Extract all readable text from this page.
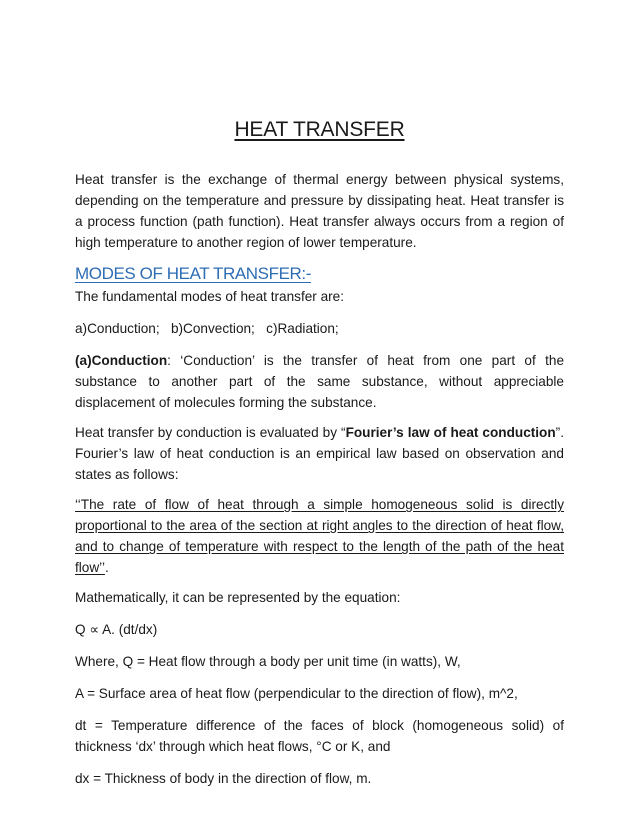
HEAT TRANSFER

Heat transfer is the exchange of thermal energy between physical systems, depending on the temperature and pressure by dissipating heat. Heat transfer is a process function (path function). Heat transfer always occurs from a region of high temperature to another region of lower temperature.

MODES OF HEAT TRANSFER:-

The fundamental modes of heat transfer are:

a)Conduction;   b)Convection;   c)Radiation;

(a)Conduction: ‘Conduction’ is the transfer of heat from one part of the substance to another part of the same substance, without appreciable displacement of molecules forming the substance.

Heat transfer by conduction is evaluated by “Fourier’s law of heat conduction”. Fourier’s law of heat conduction is an empirical law based on observation and states as follows:

‘‘The rate of flow of heat through a simple homogeneous solid is directly proportional to the area of the section at right angles to the direction of heat flow, and to change of temperature with respect to the length of the path of the heat flow’’.

Mathematically, it can be represented by the equation:

Q ∝ A. (dt/dx)

Where, Q = Heat flow through a body per unit time (in watts), W,

A = Surface area of heat flow (perpendicular to the direction of flow), m^2,

dt = Temperature difference of the faces of block (homogeneous solid) of thickness ‘dx’ through which heat flows, °C or K, and

dx = Thickness of body in the direction of flow, m.
